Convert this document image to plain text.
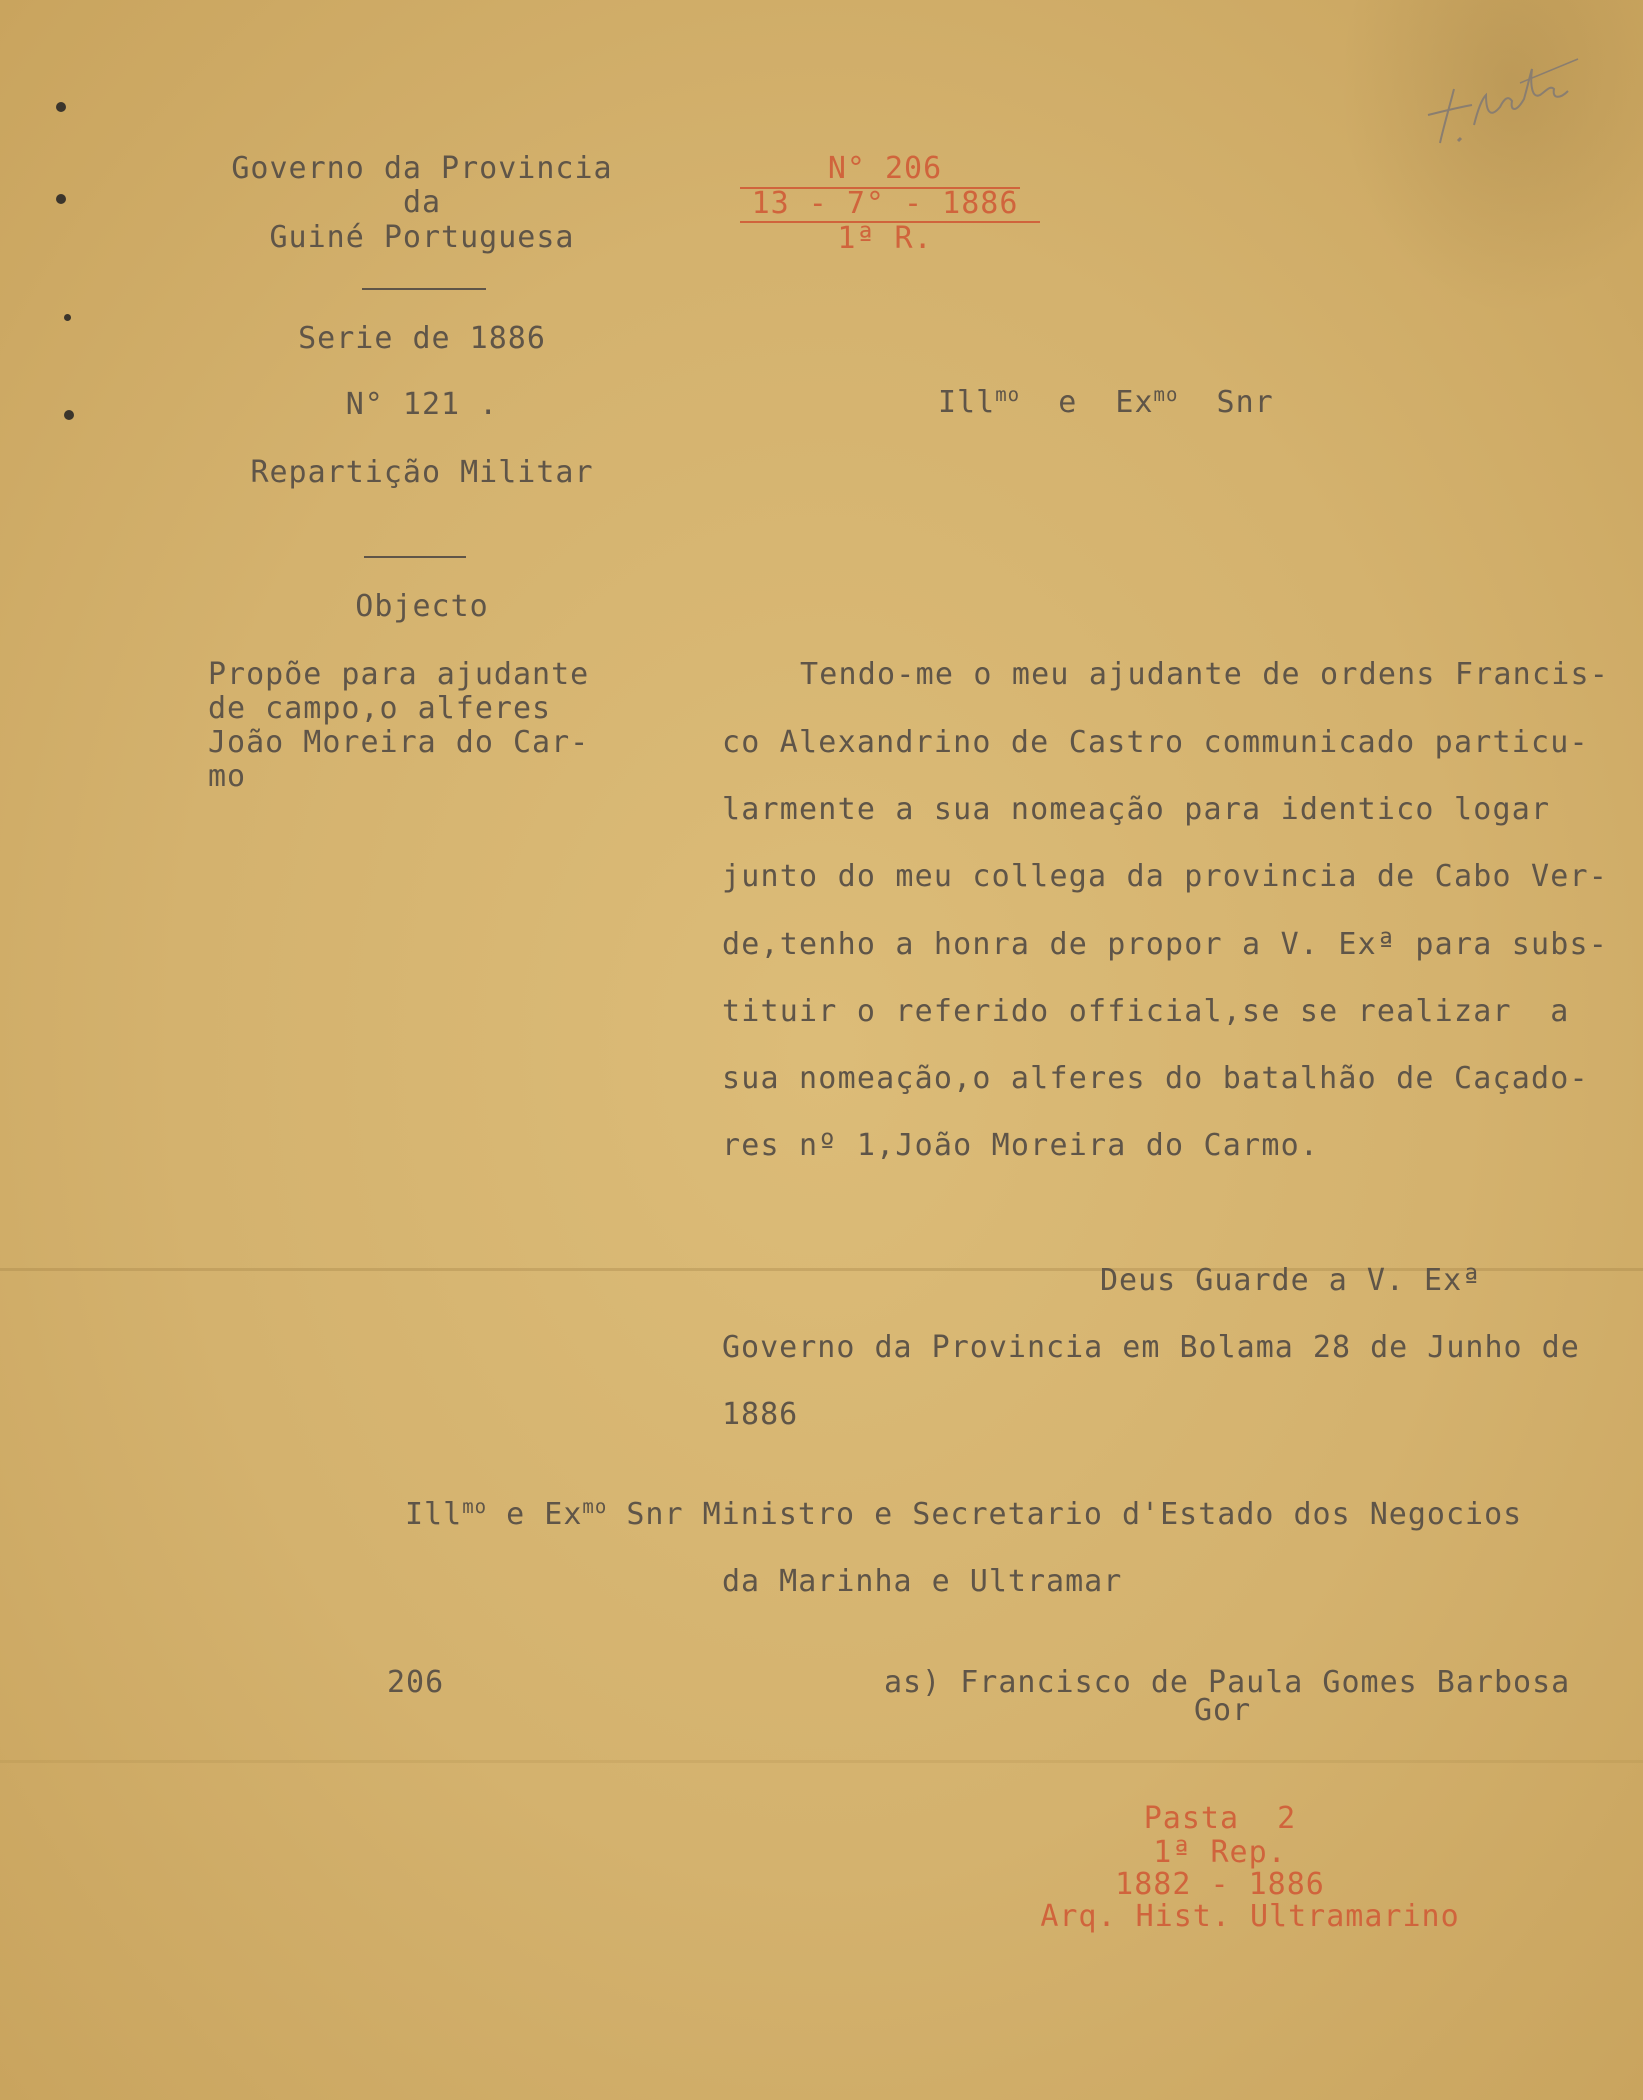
Governo da Provincia
da
Guiné Portuguesa
Serie de 1886
N° 121 .
Repartição Militar
Objecto
Propõe para ajudante
de campo,o alferes
João Moreira do Car-
mo
N° 206
13 - 7° - 1886
1ª R.
Ill$^{mo}$ e $Ex^{mo}$ Snr
Tendo-me o meu ajudante de ordens Francis-
co Alexandrino de Castro communicado particu-
larmente a sua nomeação para identico logar
junto do meu collega da provincia de Cabo Ver-
de,tenho a honra de propor a V. Exª para subs-
tituir o referido official,se se realizar  a
sua nomeação,o alferes do batalhão de Caçado-
res nº 1,João Moreira do Carmo.
Deus Guarde a V. Exª
Governo da Provincia em Bolama 28 de Junho de
1886
Ill$^{mo}$ e $Ex^{mo}$ Snr Ministro e Secretario d'Estado dos Negocios
da Marinha e Ultramar
206	as) Francisco de Paula Gomes Barbosa
Gor
Pasta  2
1ª Rep.
1882 - 1886
Arq. Hist. Ultramarino
